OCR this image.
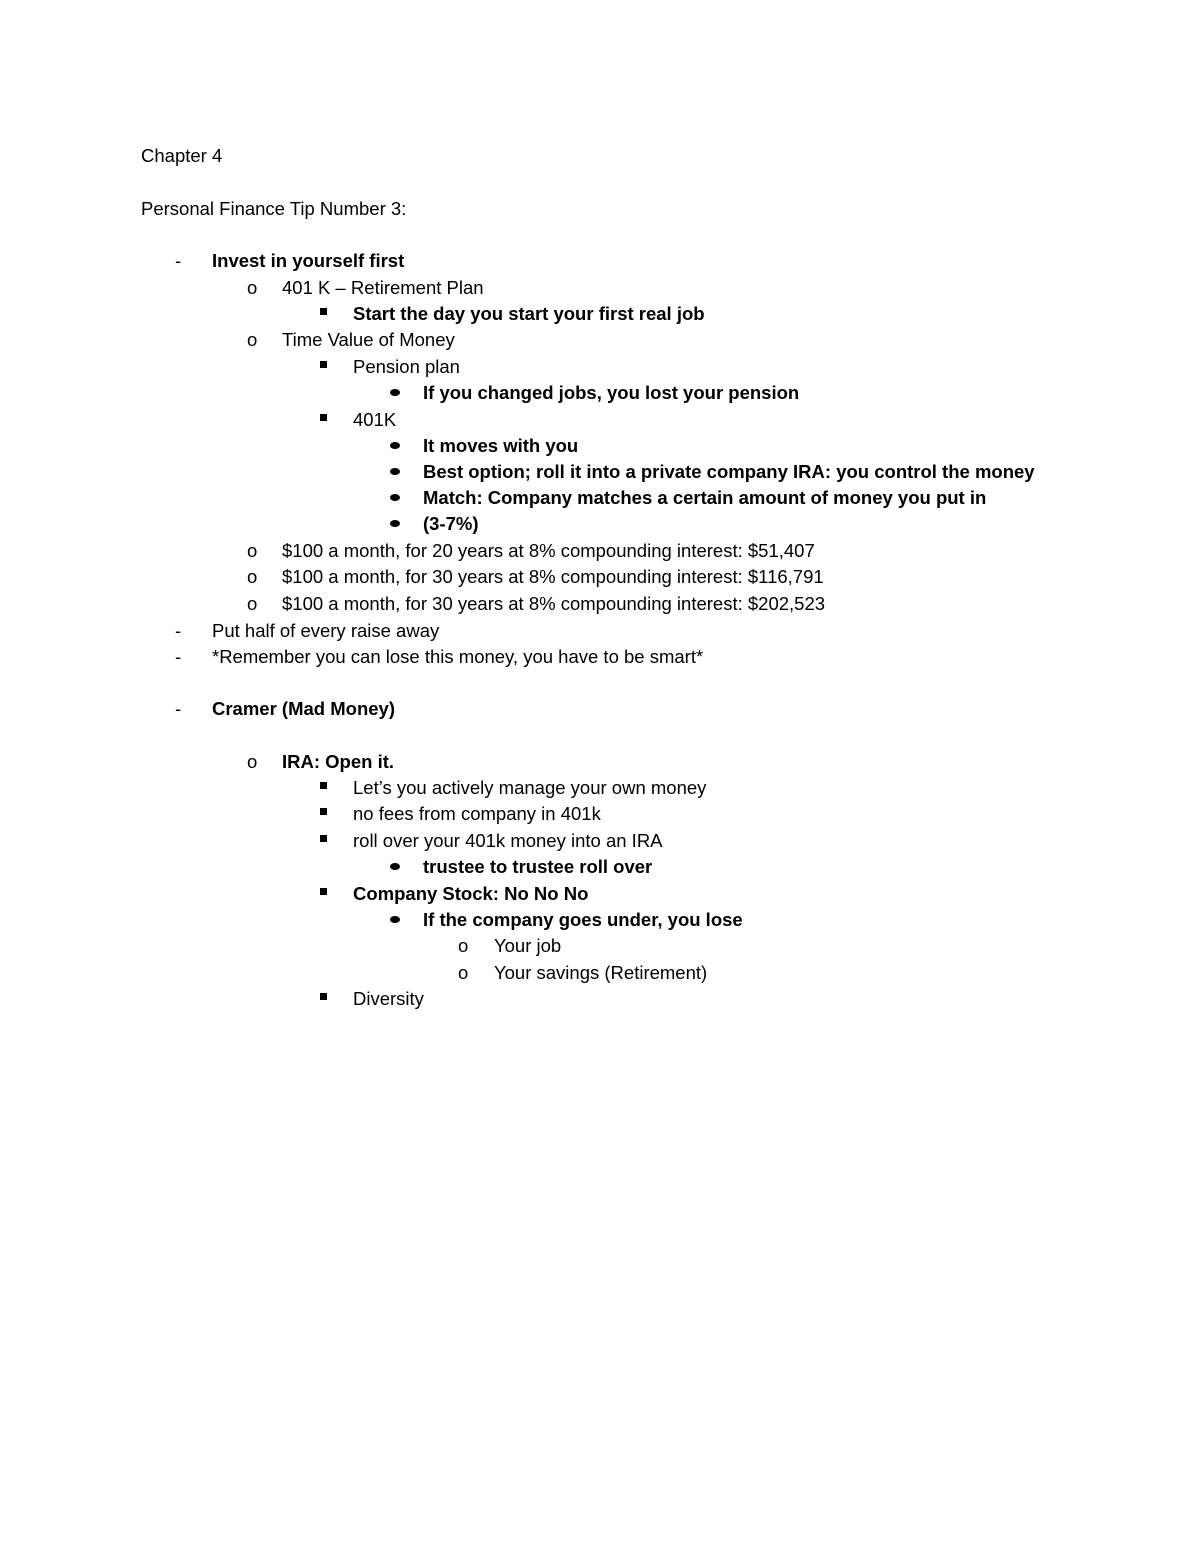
Chapter 4
Personal Finance Tip Number 3:
- Invest in yourself first
o 401 K – Retirement Plan
Start the day you start your first real job
o Time Value of Money
Pension plan
If you changed jobs, you lost your pension
401K
It moves with you
Best option; roll it into a private company IRA: you control the money
Match: Company matches a certain amount of money you put in
(3-7%)
o $100 a month, for 20 years at 8% compounding interest: $51,407
o $100 a month, for 30 years at 8% compounding interest: $116,791
o $100 a month, for 30 years at 8% compounding interest: $202,523
- Put half of every raise away
- *Remember you can lose this money, you have to be smart*
- Cramer (Mad Money)
o IRA: Open it.
Let’s you actively manage your own money
no fees from company in 401k
roll over your 401k money into an IRA
trustee to trustee roll over
Company Stock: No No No
If the company goes under, you lose
o Your job
o Your savings (Retirement)
Diversity
